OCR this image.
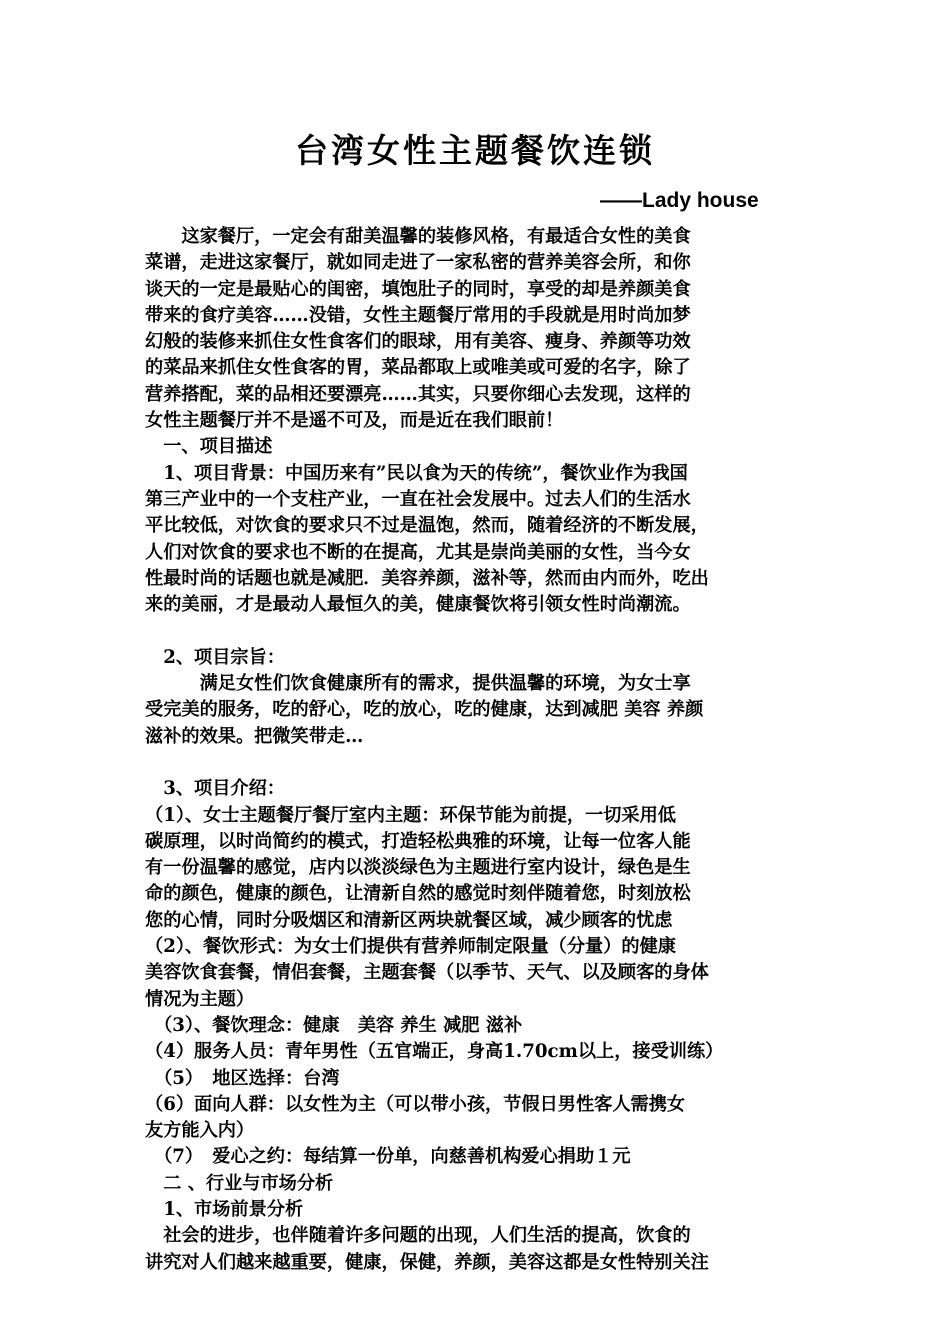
台湾女性主题餐饮连锁
——Lady house
　　这家餐厅，一定会有甜美温馨的装修风格，有最适合女性的美食
菜谱，走进这家餐厅，就如同走进了一家私密的营养美容会所，和你
谈天的一定是最贴心的闺密，填饱肚子的同时，享受的却是养颜美食
带来的食疗美容……没错，女性主题餐厅常用的手段就是用时尚加梦
幻般的装修来抓住女性食客们的眼球，用有美容、瘦身、养颜等功效
的菜品来抓住女性食客的胃，菜品都取上或唯美或可爱的名字，除了
营养搭配，菜的品相还要漂亮……其实，只要你细心去发现，这样的
女性主题餐厅并不是遥不可及，而是近在我们眼前！
　一、项目描述
　1、项目背景：中国历来有”民以食为天的传统”，餐饮业作为我国
第三产业中的一个支柱产业，一直在社会发展中。过去人们的生活水
平比较低，对饮食的要求只不过是温饱，然而，随着经济的不断发展，
人们对饮食的要求也不断的在提高，尤其是崇尚美丽的女性，当今女
性最时尚的话题也就是减肥．美容养颜，滋补等，然而由内而外，吃出
来的美丽，才是最动人最恒久的美，健康餐饮将引领女性时尚潮流。
　2、项目宗旨：
　　　满足女性们饮食健康所有的需求，提供温馨的环境，为女士享
受完美的服务，吃的舒心，吃的放心，吃的健康，达到减肥 美容 养颜
滋补的效果。把微笑带走…
　3、项目介绍：
（1）、女士主题餐厅餐厅室内主题：环保节能为前提，一切采用低
碳原理，以时尚简约的模式，打造轻松典雅的环境，让每一位客人能
有一份温馨的感觉，店内以淡淡绿色为主题进行室内设计，绿色是生
命的颜色，健康的颜色，让清新自然的感觉时刻伴随着您，时刻放松
您的心情，同时分吸烟区和清新区两块就餐区域，减少顾客的忧虑
（2）、餐饮形式：为女士们提供有营养师制定限量（分量）的健康
美容饮食套餐，情侣套餐，主题套餐（以季节、天气、以及顾客的身体
情况为主题）
　（3）、餐饮理念：健康　美容 养生 减肥 滋补
（4）服务人员：青年男性（五官端正，身高1.70cm以上，接受训练）
　（5）　地区选择：台湾
（6）面向人群：以女性为主（可以带小孩，节假日男性客人需携女
友方能入内）
　（7）　爱心之约：每结算一份单，向慈善机构爱心捐助１元
　二 、行业与市场分析
　1、市场前景分析
　社会的进步，也伴随着许多问题的出现，人们生活的提高，饮食的
讲究对人们越来越重要，健康，保健，养颜，美容这都是女性特别关注
